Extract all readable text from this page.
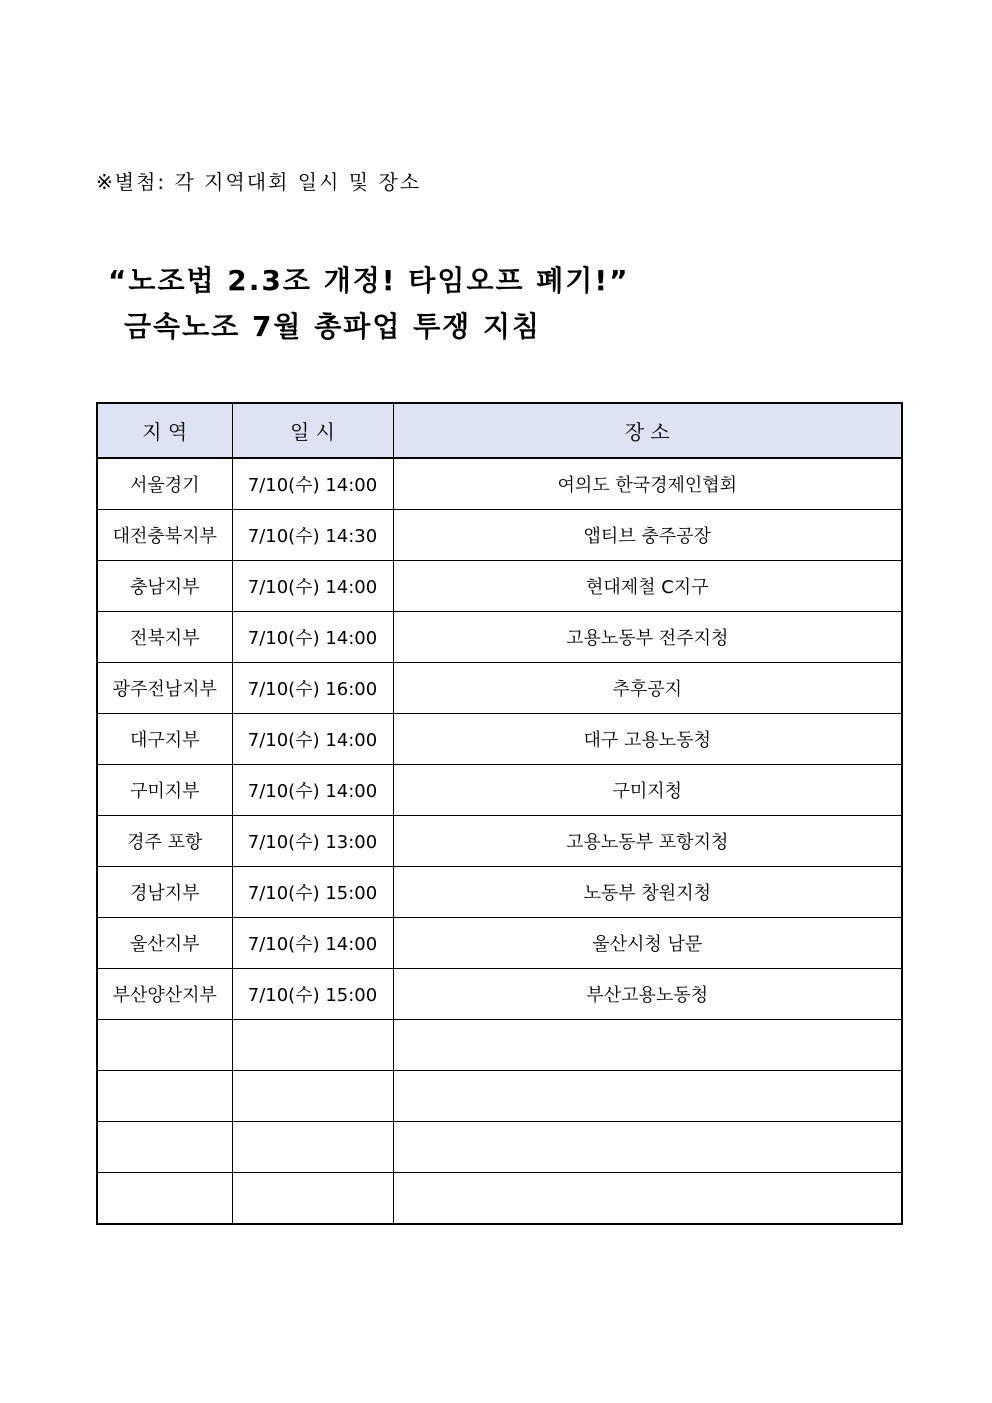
※별첨: 각 지역대회 일시 및 장소
“노조법 2.3조 개정! 타임오프 폐기!”
금속노조 7월 총파업 투쟁 지침
지 역	일 시	장 소
서울경기	7/10(수) 14:00	여의도 한국경제인협회
대전충북지부	7/10(수) 14:30	앱티브 충주공장
충남지부	7/10(수) 14:00	현대제철 C지구
전북지부	7/10(수) 14:00	고용노동부 전주지청
광주전남지부	7/10(수) 16:00	추후공지
대구지부	7/10(수) 14:00	대구 고용노동청
구미지부	7/10(수) 14:00	구미지청
경주 포항	7/10(수) 13:00	고용노동부 포항지청
경남지부	7/10(수) 15:00	노동부 창원지청
울산지부	7/10(수) 14:00	울산시청 남문
부산양산지부	7/10(수) 15:00	부산고용노동청
